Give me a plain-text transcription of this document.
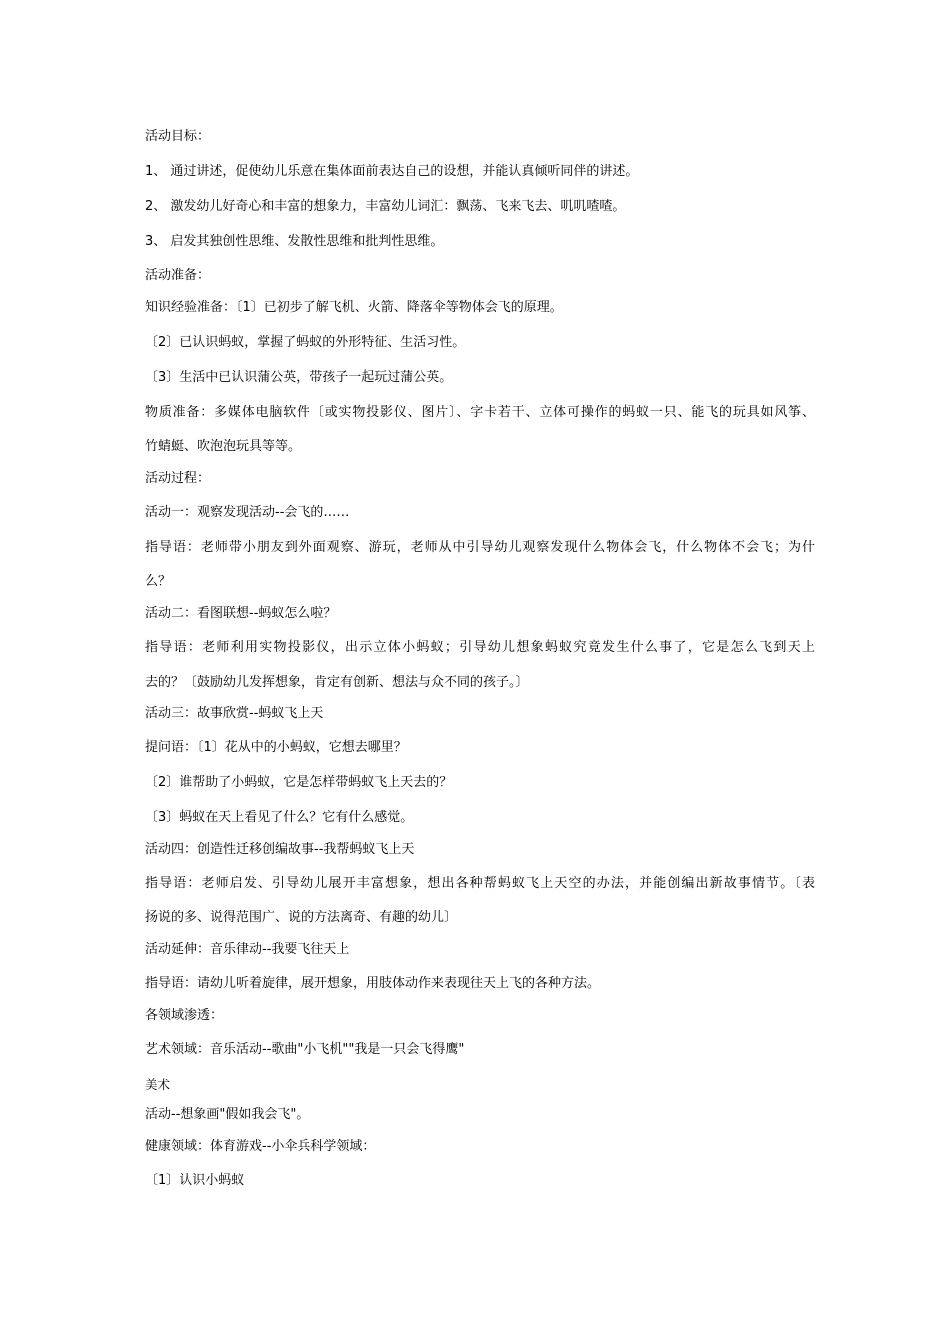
活动目标：
1、 通过讲述，促使幼儿乐意在集体面前表达自己的设想，并能认真倾听同伴的讲述。
2、 激发幼儿好奇心和丰富的想象力，丰富幼儿词汇：飘荡、飞来飞去、叽叽喳喳。
3、 启发其独创性思维、发散性思维和批判性思维。
活动准备：
知识经验准备：〔1〕已初步了解飞机、火箭、降落伞等物体会飞的原理。
〔2〕已认识蚂蚁，掌握了蚂蚁的外形特征、生活习性。
〔3〕生活中已认识蒲公英，带孩子一起玩过蒲公英。
物质准备：多媒体电脑软件〔或实物投影仪、图片〕、字卡若干、立体可操作的蚂蚁一只、能飞的玩具如风筝、
竹蜻蜓、吹泡泡玩具等等。
活动过程：
活动一：观察发现活动--会飞的……
指导语：老师带小朋友到外面观察、游玩，老师从中引导幼儿观察发现什么物体会飞，什么物体不会飞；为什
么？
活动二：看图联想--蚂蚁怎么啦？
指导语：老师利用实物投影仪，出示立体小蚂蚁；引导幼儿想象蚂蚁究竟发生什么事了，它是怎么飞到天上
去的？〔鼓励幼儿发挥想象，肯定有创新、想法与众不同的孩子。〕
活动三：故事欣赏--蚂蚁飞上天
提问语：〔1〕花从中的小蚂蚁，它想去哪里？
〔2〕谁帮助了小蚂蚁，它是怎样带蚂蚁飞上天去的？
〔3〕蚂蚁在天上看见了什么？它有什么感觉。
活动四：创造性迁移创编故事--我帮蚂蚁飞上天
指导语：老师启发、引导幼儿展开丰富想象，想出各种帮蚂蚁飞上天空的办法，并能创编出新故事情节。〔表
扬说的多、说得范围广、说的方法离奇、有趣的幼儿〕
活动延伸：音乐律动--我要飞往天上
指导语：请幼儿听着旋律，展开想象，用肢体动作来表现往天上飞的各种方法。
各领域渗透：
艺术领域：音乐活动--歌曲"小飞机""我是一只会飞得鹰"
美术
活动--想象画"假如我会飞"。
健康领域：体育游戏--小伞兵科学领域：
〔1〕认识小蚂蚁
